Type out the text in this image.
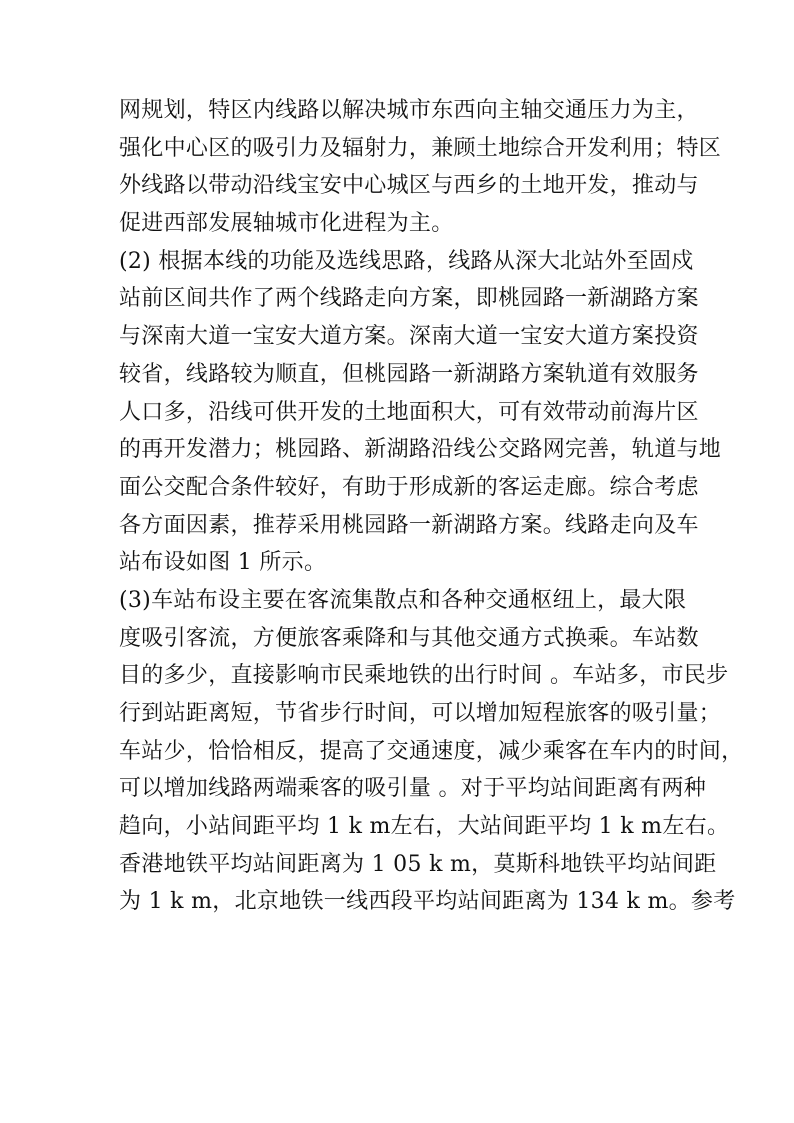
网规划，特区内线路以解决城市东西向主轴交通压力为主，
强化中心区的吸引力及辐射力，兼顾土地综合开发利用；特区
外线路以带动沿线宝安中心城区与西乡的土地开发，推动与
促进西部发展轴城市化进程为主。
(2) 根据本线的功能及选线思路，线路从深大北站外至固戍
站前区间共作了两个线路走向方案，即桃园路一新湖路方案
与深南大道一宝安大道方案。深南大道一宝安大道方案投资
较省，线路较为顺直，但桃园路一新湖路方案轨道有效服务
人口多，沿线可供开发的土地面积大，可有效带动前海片区
的再开发潜力；桃园路、新湖路沿线公交路网完善，轨道与地
面公交配合条件较好，有助于形成新的客运走廊。综合考虑
各方面因素，推荐采用桃园路一新湖路方案。线路走向及车
站布设如图 1 所示。
(3)车站布设主要在客流集散点和各种交通枢纽上，最大限
度吸引客流，方便旅客乘降和与其他交通方式换乘。车站数
目的多少，直接影响市民乘地铁的出行时间 。车站多，市民步
行到站距离短，节省步行时间，可以增加短程旅客的吸引量；
车站少，恰恰相反，提高了交通速度，减少乘客在车内的时间，
可以增加线路两端乘客的吸引量 。对于平均站间距离有两种
趋向，小站间距平均 1 k m左右，大站间距平均 1 k m左右。
香港地铁平均站间距离为 1 05 k m，莫斯科地铁平均站间距
为 1 k m，北京地铁一线西段平均站间距离为 134 k m。参考
